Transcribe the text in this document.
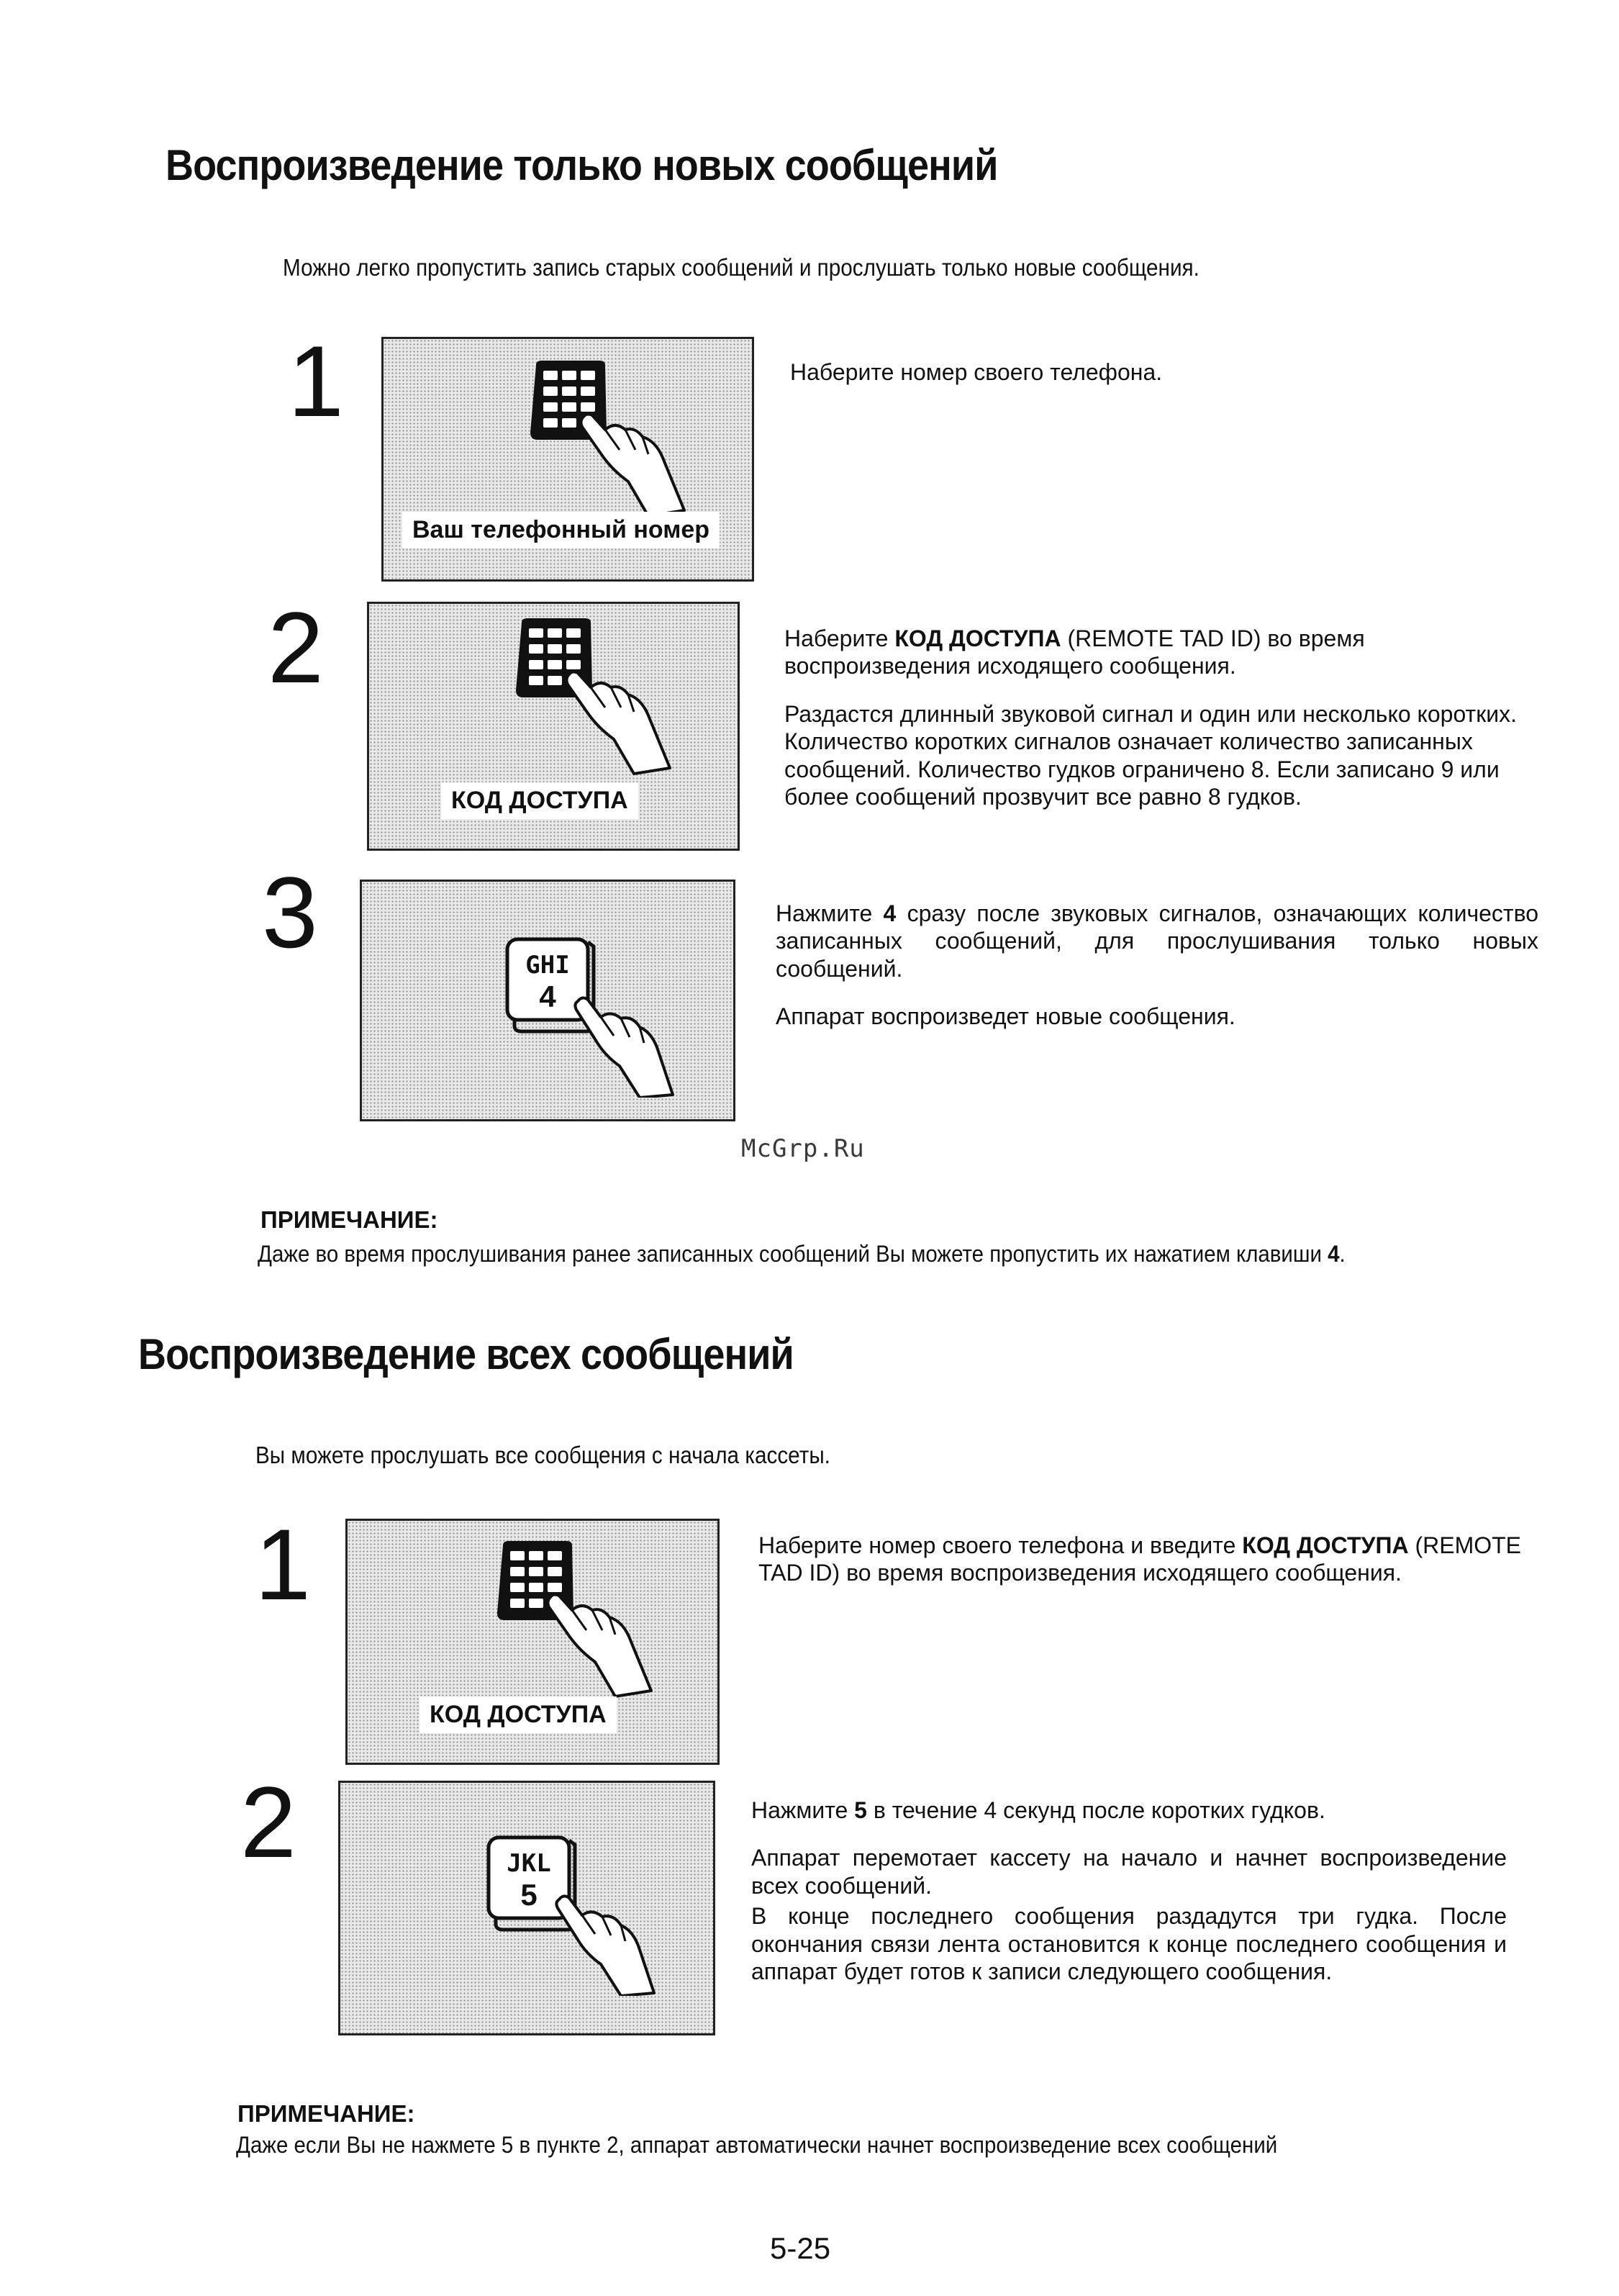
Воспроизведение только новых сообщений
Можно легко пропустить запись старых сообщений и прослушать только новые сообщения.
1
Ваш телефонный номер

Наберите номер своего телефона.

2
КОД ДОСТУПА

Наберите КОД ДОСТУПА (REMOTE TAD ID) во время воспроизведения исходящего сообщения.

Раздастся длинный звуковой сигнал и один или несколько коротких. Количество коротких сигналов означает количество записанных сообщений. Количество гудков ограничено 8. Если записано 9 или более сообщений прозвучит все равно 8 гудков.

3	GHI
4

Нажмите 4 сразу после звуковых сигналов, означающих количество записанных сообщений, для прослушивания только новых сообщений.

Аппарат воспроизведет новые сообщения.

McGrp.Ru
ПРИМЕЧАНИЕ:
Даже во время прослушивания ранее записанных сообщений Вы можете пропустить их нажатием клавиши 4.
Воспроизведение всех сообщений
Вы можете прослушать все сообщения с начала кассеты.
1
КОД ДОСТУПА

Наберите номер своего телефона и введите КОД ДОСТУПА (REMOTE TAD ID) во время воспроизведения исходящего сообщения.

2	JKL
5

Нажмите 5 в течение 4 секунд после коротких гудков.

Аппарат перемотает кассету на начало и начнет воспроизведение всех сообщений.

В конце последнего сообщения раздадутся три гудка. После окончания связи лента остановится к конце последнего сообщения и аппарат будет готов к записи следующего сообщения.

ПРИМЕЧАНИЕ:
Даже если Вы не нажмете 5 в пункте 2, аппарат автоматически начнет воспроизведение всех сообщений
5-25
